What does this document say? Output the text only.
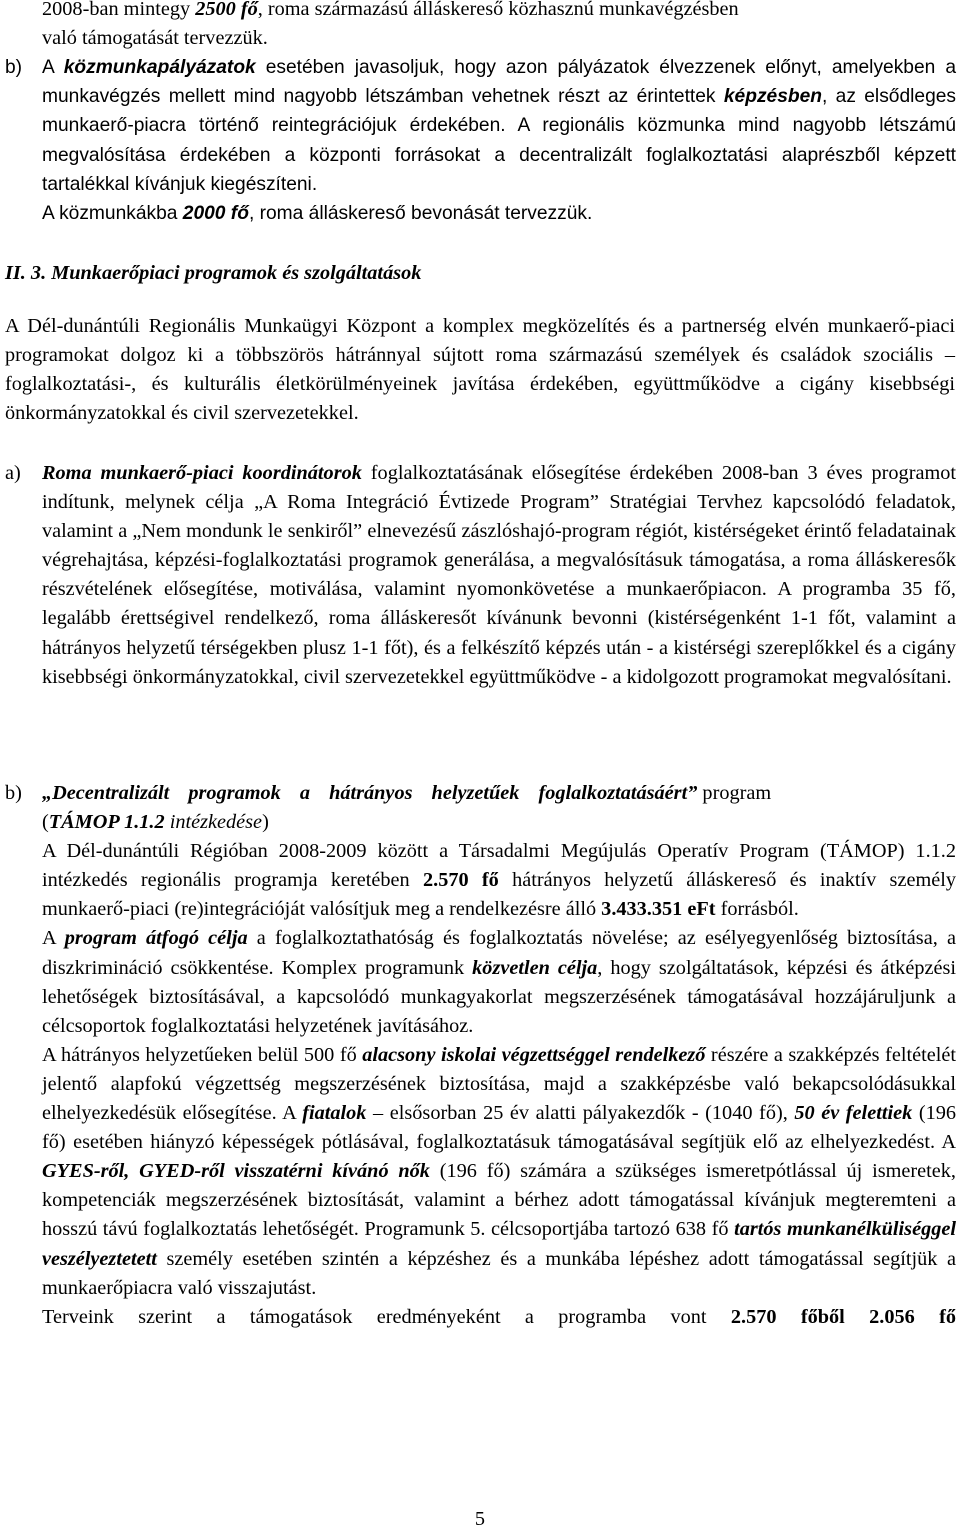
2008-ban mintegy 2500 fő, roma származású álláskereső közhasznú munkavégzésben
való támogatását tervezzük.

b) A közmunkapályázatok esetében javasoljuk, hogy azon pályázatok élvezzenek előnyt, amelyekben a munkavégzés mellett mind nagyobb létszámban vehetnek részt az érintettek képzésben, az elsődleges munkaerő-piacra történő reintegrációjuk érdekében. A regionális közmunka mind nagyobb létszámú megvalósítása érdekében a központi forrásokat a decentralizált foglalkoztatási alaprészből képzett tartalékkal kívánjuk kiegészíteni.
A közmunkákba 2000 fő, roma álláskereső bevonását tervezzük.

II. 3. Munkaerőpiaci programok és szolgáltatások

A Dél-dunántúli Regionális Munkaügyi Központ a komplex megközelítés és a partnerség elvén munkaerő-piaci programokat dolgoz ki a többszörös hátránnyal sújtott roma származású személyek és családok szociális – foglalkoztatási-, és kulturális életkörülményeinek javítása érdekében, együttműködve a cigány kisebbségi önkormányzatokkal és civil szervezetekkel.

a) Roma munkaerő-piaci koordinátorok foglalkoztatásának elősegítése érdekében 2008-ban 3 éves programot indítunk, melynek célja „A Roma Integráció Évtizede Program” Stratégiai Tervhez kapcsolódó feladatok, valamint a „Nem mondunk le senkiről” elnevezésű zászlóshajó-program régiót, kistérségeket érintő feladatainak végrehajtása, képzési-foglalkoztatási programok generálása, a megvalósításuk támogatása, a roma álláskeresők részvételének elősegítése, motiválása, valamint nyomonkövetése a munkaerőpiacon. A programba 35 fő, legalább érettségivel rendelkező, roma álláskeresőt kívánunk bevonni (kistérségenként 1-1 főt, valamint a hátrányos helyzetű térségekben plusz 1-1 főt), és a felkészítő képzés után - a kistérségi szereplőkkel és a cigány kisebbségi önkormányzatokkal, civil szervezetekkel együttműködve - a kidolgozott programokat megvalósítani.

b) „Decentralizált programok a hátrányos helyzetűek foglalkoztatásáért” program
(TÁMOP 1.1.2 intézkedése)

A Dél-dunántúli Régióban 2008-2009 között a Társadalmi Megújulás Operatív Program (TÁMOP) 1.1.2 intézkedés regionális programja keretében 2.570 fő hátrányos helyzetű álláskereső és inaktív személy munkaerő-piaci (re)integrációját valósítjuk meg a rendelkezésre álló 3.433.351 eFt forrásból.

A program átfogó célja a foglalkoztathatóság és foglalkoztatás növelése; az esélyegyenlőség biztosítása, a diszkrimináció csökkentése. Komplex programunk közvetlen célja, hogy szolgáltatások, képzési és átképzési lehetőségek biztosításával, a kapcsolódó munkagyakorlat megszerzésének támogatásával hozzájáruljunk a célcsoportok foglalkoztatási helyzetének javításához.

A hátrányos helyzetűeken belül 500 fő alacsony iskolai végzettséggel rendelkező részére a szakképzés feltételét jelentő alapfokú végzettség megszerzésének biztosítása, majd a szakképzésbe való bekapcsolódásukkal elhelyezkedésük elősegítése. A fiatalok – elsősorban 25 év alatti pályakezdők - (1040 fő), 50 év felettiek (196 fő) esetében hiányzó képességek pótlásával, foglalkoztatásuk támogatásával segítjük elő az elhelyezkedést. A GYES-ről, GYED-ről visszatérni kívánó nők (196 fő) számára a szükséges ismeretpótlással új ismeretek, kompetenciák megszerzésének biztosítását, valamint a bérhez adott támogatással kívánjuk megteremteni a hosszú távú foglalkoztatás lehetőségét. Programunk 5. célcsoportjába tartozó 638 fő tartós munkanélküliséggel veszélyeztetett személy esetében szintén a képzéshez és a munkába lépéshez adott támogatással segítjük a munkaerőpiacra való visszajutást.

Terveink szerint a támogatások eredményeként a programba vont 2.570 főből 2.056 fő

5
